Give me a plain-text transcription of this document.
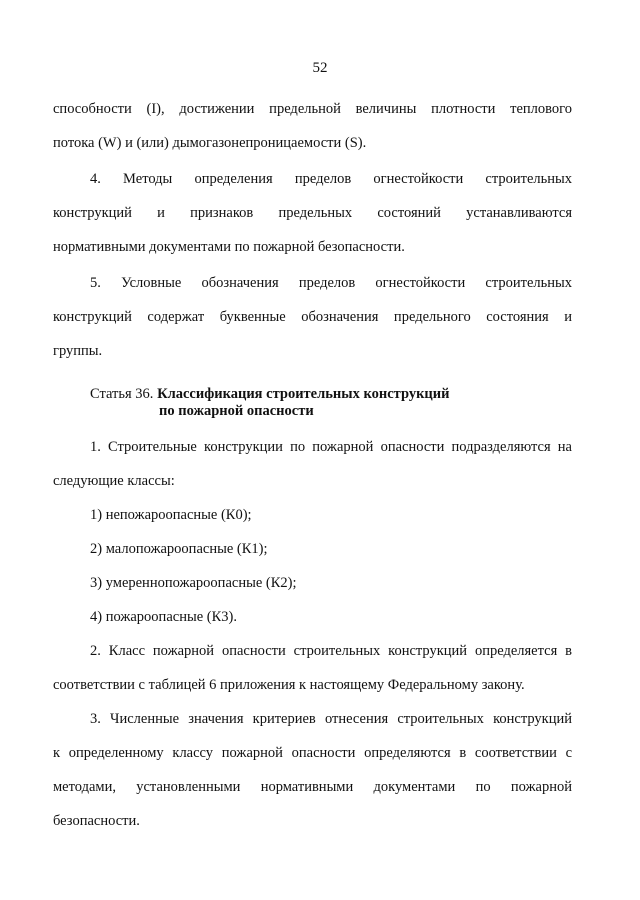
52

способности (I), достижении предельной величины плотности теплового

потока (W) и (или) дымогазонепроницаемости (S).

4. Методы определения пределов огнестойкости строительных

конструкций и признаков предельных состояний устанавливаются

нормативными документами по пожарной безопасности.

5. Условные обозначения пределов огнестойкости строительных

конструкций содержат буквенные обозначения предельного состояния и

группы.

Статья 36. Классификация строительных конструкций
по пожарной опасности

1. Строительные конструкции по пожарной опасности подразделяются на

следующие классы:

1) непожароопасные (К0);

2) малопожароопасные (К1);

3) умереннопожароопасные (К2);

4) пожароопасные (К3).

2. Класс пожарной опасности строительных конструкций определяется в

соответствии с таблицей 6 приложения к настоящему Федеральному закону.

3. Численные значения критериев отнесения строительных конструкций

к определенному классу пожарной опасности определяются в соответствии с

методами, установленными нормативными документами по пожарной

безопасности.
